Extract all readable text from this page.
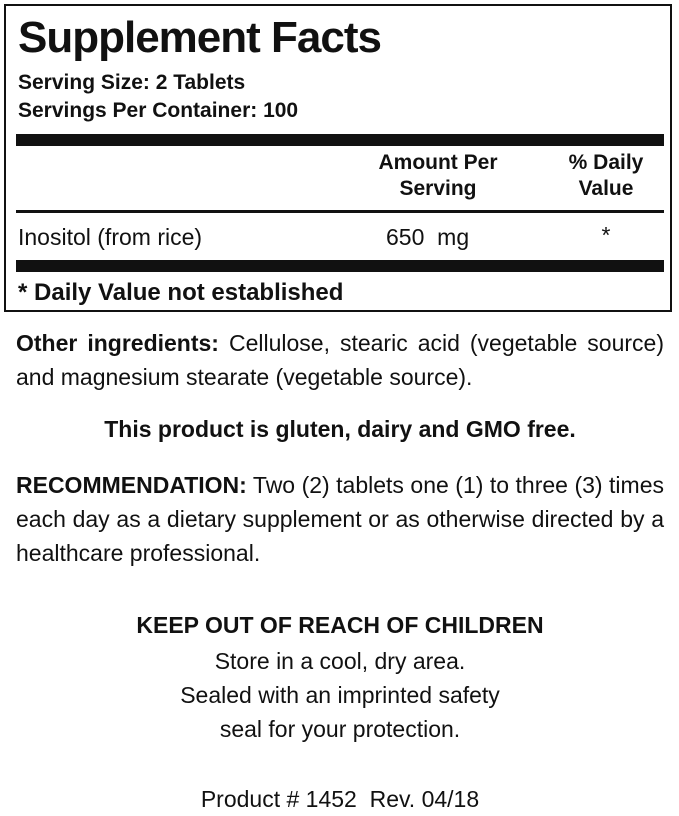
Supplement Facts
Serving Size: 2 Tablets
Servings Per Container: 100
Amount Per
Serving
% Daily
Value
Inositol (from rice)	650  mg	*
* Daily Value not established
Other ingredients: Cellulose, stearic acid (vegetable source) and magnesium stearate (vegetable source).
This product is gluten, dairy and GMO free.
RECOMMENDATION: Two (2) tablets one (1) to three (3) times each day as a dietary supplement or as otherwise directed by a healthcare professional.
KEEP OUT OF REACH OF CHILDREN
Store in a cool, dry area.
Sealed with an imprinted safety
seal for your protection.
Product # 1452  Rev. 04/18
